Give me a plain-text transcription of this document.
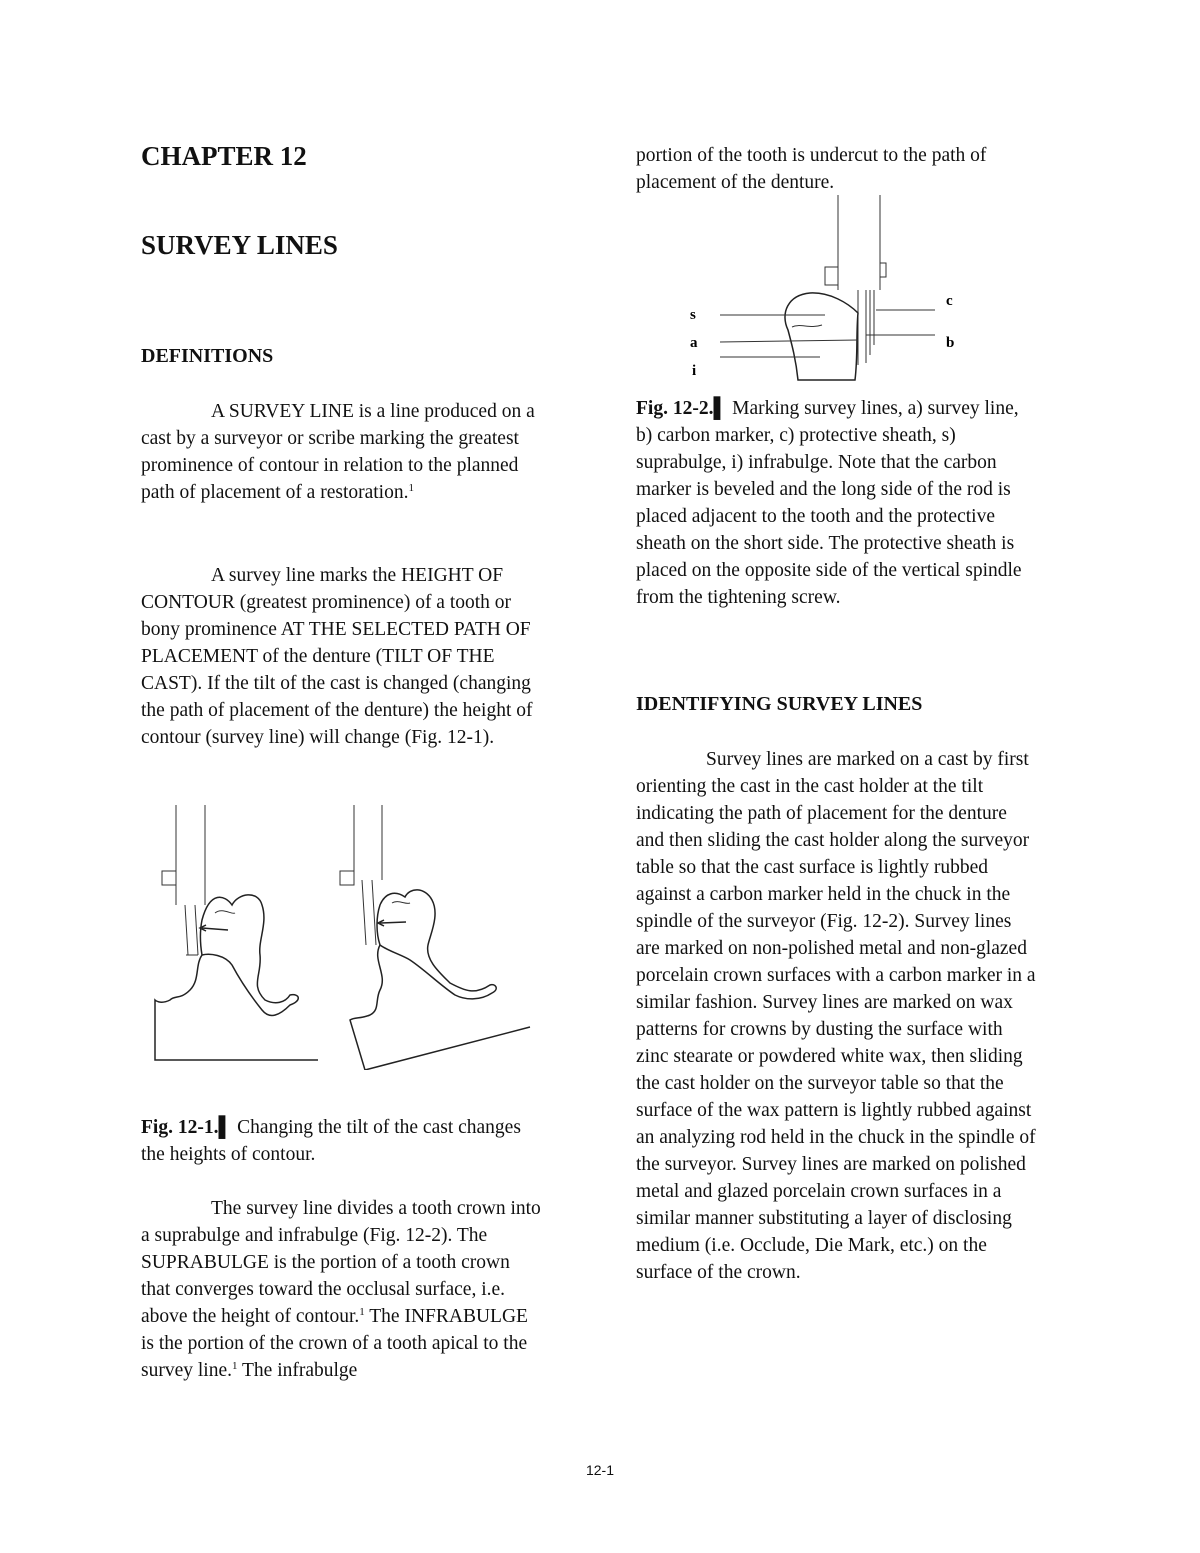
CHAPTER 12
SURVEY LINES
DEFINITIONS

A SURVEY LINE is a line produced on a cast by a surveyor or scribe marking the greatest prominence of contour in relation to the planned path of placement of a restoration.$^1$

A survey line marks the HEIGHT OF CONTOUR (greatest prominence) of a tooth or bony prominence AT THE SELECTED PATH OF PLACEMENT of the denture (TILT OF THE CAST). If the tilt of the cast is changed (changing the path of placement of the denture) the height of contour (survey line) will change (Fig. 12-1).

Fig. 12-1.▌ Changing the tilt of the cast changes the heights of contour.

The survey line divides a tooth crown into a suprabulge and infrabulge (Fig. 12-2). The SUPRABULGE is the portion of a tooth crown that converges toward the occlusal surface, i.e. above the height of contour.$^1$ The INFRABULGE is the portion of the crown of a tooth apical to the survey line.$^1$ The infrabulge

portion of the tooth is undercut to the path of placement of the denture.

s
a
i
c
b

Fig. 12-2.▌ Marking survey lines, a) survey line, b) carbon marker, c) protective sheath, s) suprabulge, i) infrabulge. Note that the carbon marker is beveled and the long side of the rod is placed adjacent to the tooth and the protective sheath on the short side. The protective sheath is placed on the opposite side of the vertical spindle from the tightening screw.

IDENTIFYING SURVEY LINES

Survey lines are marked on a cast by first orienting the cast in the cast holder at the tilt indicating the path of placement for the denture and then sliding the cast holder along the surveyor table so that the cast surface is lightly rubbed against a carbon marker held in the chuck in the spindle of the surveyor (Fig. 12-2). Survey lines are marked on non-polished metal and non-glazed porcelain crown surfaces with a carbon marker in a similar fashion. Survey lines are marked on wax patterns for crowns by dusting the surface with zinc stearate or powdered white wax, then sliding the cast holder on the surveyor table so that the surface of the wax pattern is lightly rubbed against an analyzing rod held in the chuck in the spindle of the surveyor. Survey lines are marked on polished metal and glazed porcelain crown surfaces in a similar manner substituting a layer of disclosing medium (i.e. Occlude, Die Mark, etc.) on the surface of the crown.

12-1
